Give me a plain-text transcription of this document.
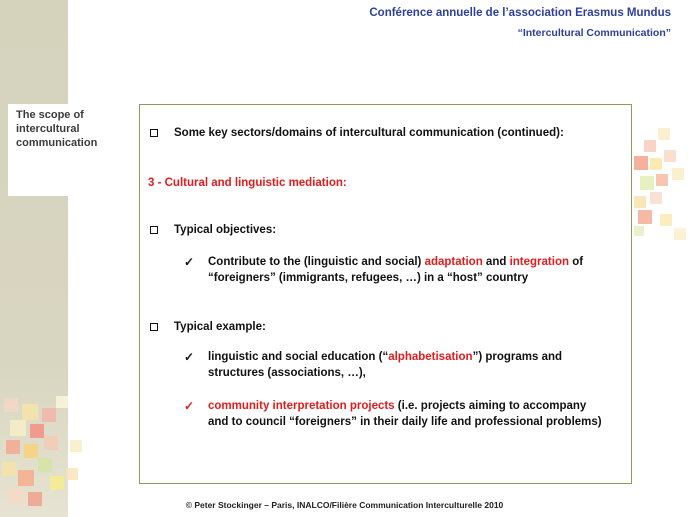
The scope of intercultural communication
Conférence annuelle de l’association Erasmus Mundus
“Intercultural Communication”
Some key sectors/domains of intercultural communication (continued):
3 - Cultural and linguistic mediation:
Typical objectives:
✓ Contribute to the (linguistic and social) adaptation and integration of
“foreigners” (immigrants, refugees, …) in a “host” country
Typical example:
✓ linguistic and social education (“alphabetisation”) programs and
structures (associations, …),
✓ community interpretation projects (i.e. projects aiming to accompany
and to council “foreigners” in their daily life and professional problems)
© Peter Stockinger – Paris, INALCO/Filière Communication Interculturelle 2010
